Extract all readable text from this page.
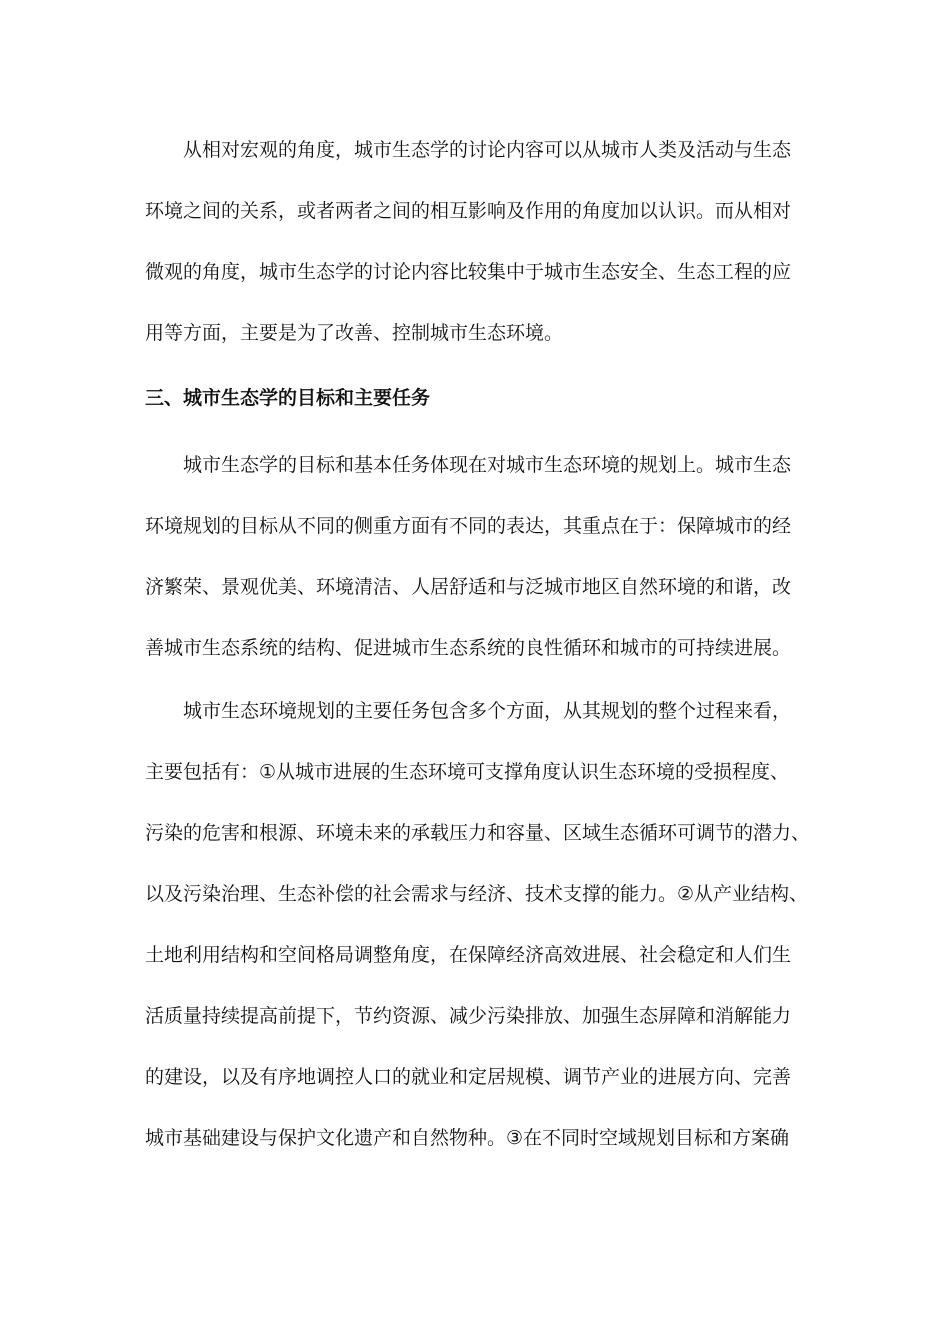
从相对宏观的角度，城市生态学的讨论内容可以从城市人类及活动与生态
环境之间的关系，或者两者之间的相互影响及作用的角度加以认识。而从相对
微观的角度，城市生态学的讨论内容比较集中于城市生态安全、生态工程的应
用等方面，主要是为了改善、控制城市生态环境。
三、城市生态学的目标和主要任务
城市生态学的目标和基本任务体现在对城市生态环境的规划上。城市生态
环境规划的目标从不同的侧重方面有不同的表达，其重点在于：保障城市的经
济繁荣、景观优美、环境清洁、人居舒适和与泛城市地区自然环境的和谐，改
善城市生态系统的结构、促进城市生态系统的良性循环和城市的可持续进展。
城市生态环境规划的主要任务包含多个方面，从其规划的整个过程来看，
主要包括有：①从城市进展的生态环境可支撑角度认识生态环境的受损程度、
污染的危害和根源、环境未来的承载压力和容量、区域生态循环可调节的潜力、
以及污染治理、生态补偿的社会需求与经济、技术支撑的能力。②从产业结构、
土地利用结构和空间格局调整角度，在保障经济高效进展、社会稳定和人们生
活质量持续提高前提下，节约资源、减少污染排放、加强生态屏障和消解能力
的建设，以及有序地调控人口的就业和定居规模、调节产业的进展方向、完善
城市基础建设与保护文化遗产和自然物种。③在不同时空域规划目标和方案确
